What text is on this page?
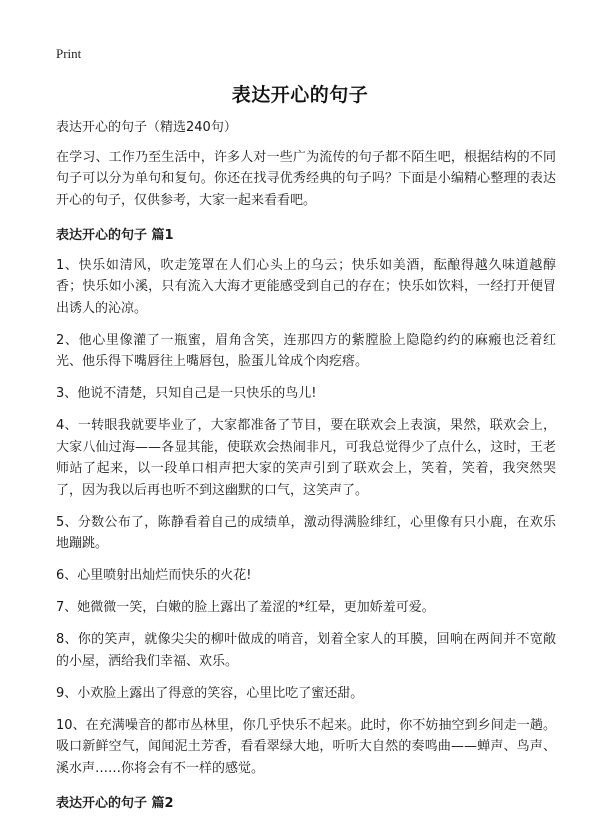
Print
表达开心的句子

表达开心的句子（精选240句）

在学习、工作乃至生活中，许多人对一些广为流传的句子都不陌生吧，根据结构的不同句子可以分为单句和复句。你还在找寻优秀经典的句子吗？下面是小编精心整理的表达开心的句子，仅供参考，大家一起来看看吧。

表达开心的句子 篇1

1、快乐如清风，吹走笼罩在人们心头上的乌云；快乐如美酒，酝酿得越久味道越醇香；快乐如小溪，只有流入大海才更能感受到自己的存在；快乐如饮料，一经打开便冒出诱人的沁凉。

2、他心里像灌了一瓶蜜，眉角含笑，连那四方的紫膛脸上隐隐约约的麻瘢也泛着红光、他乐得下嘴唇往上嘴唇包，脸蛋儿耸成个肉疙瘩。

3、他说不清楚，只知自己是一只快乐的鸟儿!

4、一转眼我就要毕业了，大家都准备了节目，要在联欢会上表演，果然，联欢会上，大家八仙过海——各显其能，使联欢会热闹非凡，可我总觉得少了点什么，这时，王老师站了起来，以一段单口相声把大家的笑声引到了联欢会上，笑着，笑着，我突然哭了，因为我以后再也听不到这幽默的口气，这笑声了。

5、分数公布了，陈静看着自己的成绩单，激动得满脸绯红，心里像有只小鹿，在欢乐地蹦跳。

6、心里喷射出灿烂而快乐的火花!

7、她微微一笑，白嫩的脸上露出了羞涩的*红晕，更加娇羞可爱。

8、你的笑声，就像尖尖的柳叶做成的哨音，划着全家人的耳膜，回响在两间并不宽敞的小屋，洒给我们幸福、欢乐。

9、小欢脸上露出了得意的笑容，心里比吃了蜜还甜。

10、在充满噪音的都市丛林里，你几乎快乐不起来。此时，你不妨抽空到乡间走一趟。吸口新鲜空气，闻闻泥土芳香，看看翠绿大地，听听大自然的奏鸣曲——蝉声、鸟声、溪水声……你将会有不一样的感觉。

表达开心的句子 篇2
